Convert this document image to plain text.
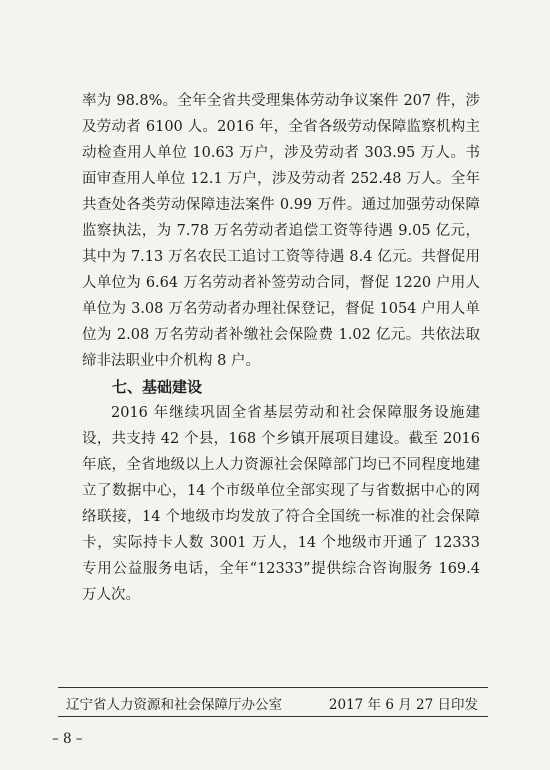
率为 98.8%。全年全省共受理集体劳动争议案件 207 件，涉及劳动者 6100 人。2016 年，全省各级劳动保障监察机构主动检查用人单位 10.63 万户，涉及劳动者 303.95 万人。书面审查用人单位 12.1 万户，涉及劳动者 252.48 万人。全年共查处各类劳动保障违法案件 0.99 万件。通过加强劳动保障监察执法，为 7.78 万名劳动者追偿工资等待遇 9.05 亿元，其中为 7.13 万名农民工追讨工资等待遇 8.4 亿元。共督促用人单位为 6.64 万名劳动者补签劳动合同，督促 1220 户用人单位为 3.08 万名劳动者办理社保登记，督促 1054 户用人单位为 2.08 万名劳动者补缴社会保险费 1.02 亿元。共依法取缔非法职业中介机构 8 户。

七、基础建设

2016 年继续巩固全省基层劳动和社会保障服务设施建设，共支持 42 个县，168 个乡镇开展项目建设。截至 2016 年底，全省地级以上人力资源社会保障部门均已不同程度地建立了数据中心，14 个市级单位全部实现了与省数据中心的网络联接，14 个地级市均发放了符合全国统一标准的社会保障卡，实际持卡人数 3001 万人，14 个地级市开通了 12333 专用公益服务电话，全年“12333”提供综合咨询服务 169.4 万人次。

辽宁省人力资源和社会保障厅办公室	2017 年 6 月 27 日印发
– 8 –
